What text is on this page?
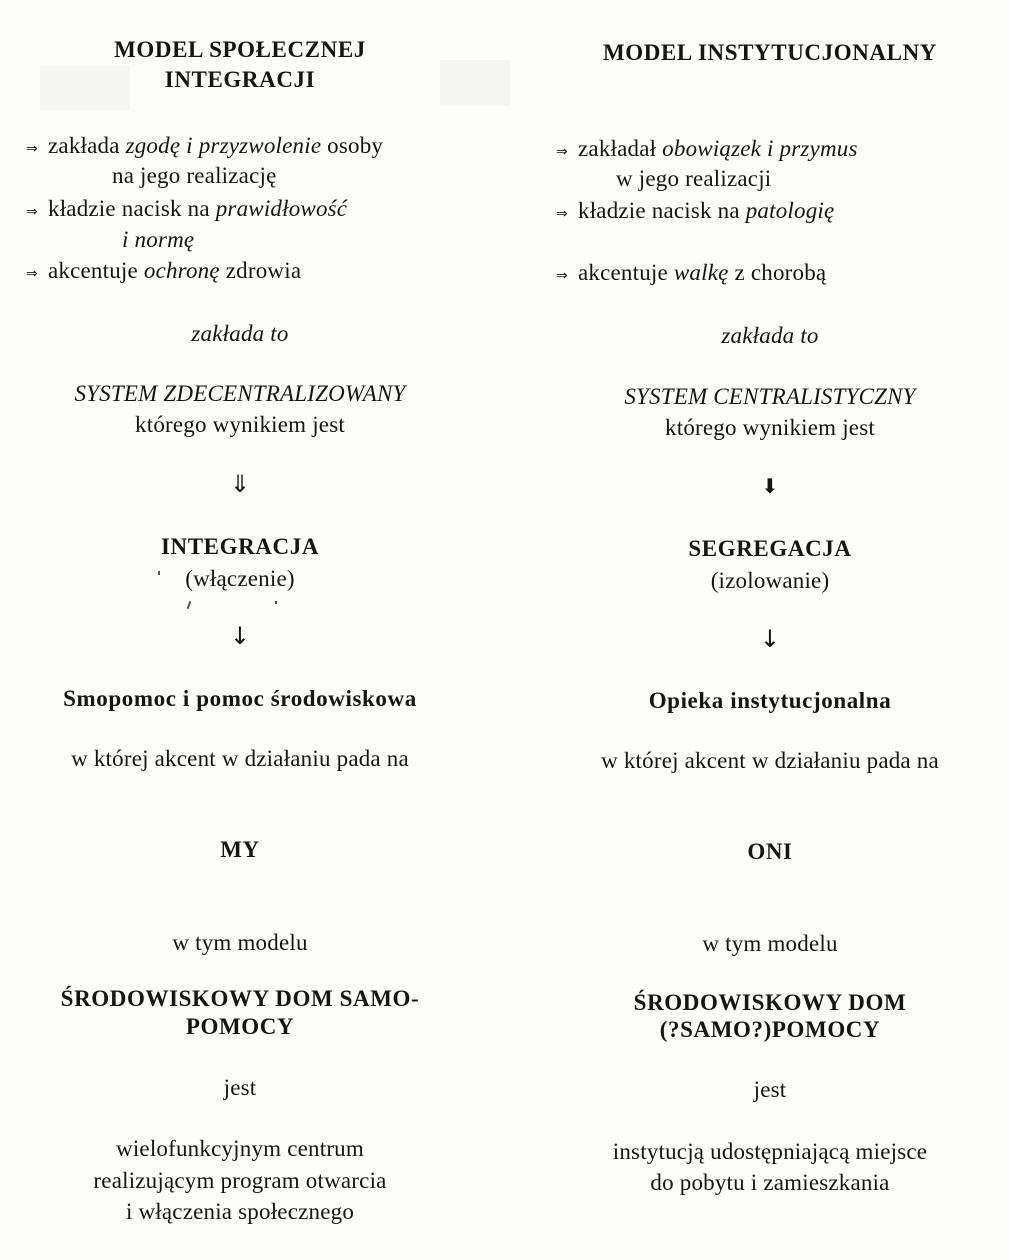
MODEL SPOŁECZNEJ
INTEGRACJI
⇒ zakłada zgodę i przyzwolenie osoby
na jego realizację
⇒ kładzie nacisk na prawidłowość
i normę
⇒ akcentuje ochronę zdrowia
zakłada to
SYSTEM ZDECENTRALIZOWANY
którego wynikiem jest
⇓
INTEGRACJA
(włączenie)
↓
Smopomoc i pomoc środowiskowa
w której akcent w działaniu pada na
MY
w tym modelu
ŚRODOWISKOWY DOM SAMO-
POMOCY
jest
wielofunkcyjnym centrum
realizującym program otwarcia
i włączenia społecznego
MODEL INSTYTUCJONALNY
⇒ zakładał obowiązek i przymus
w jego realizacji
⇒ kładzie nacisk na patologię
⇒ akcentuje walkę z chorobą
zakłada to
SYSTEM CENTRALISTYCZNY
którego wynikiem jest
⬇
SEGREGACJA
(izolowanie)
↓
Opieka instytucjonalna
w której akcent w działaniu pada na
ONI
w tym modelu
ŚRODOWISKOWY DOM
(?SAMO?)POMOCY
jest
instytucją udostępniającą miejsce
do pobytu i zamieszkania
